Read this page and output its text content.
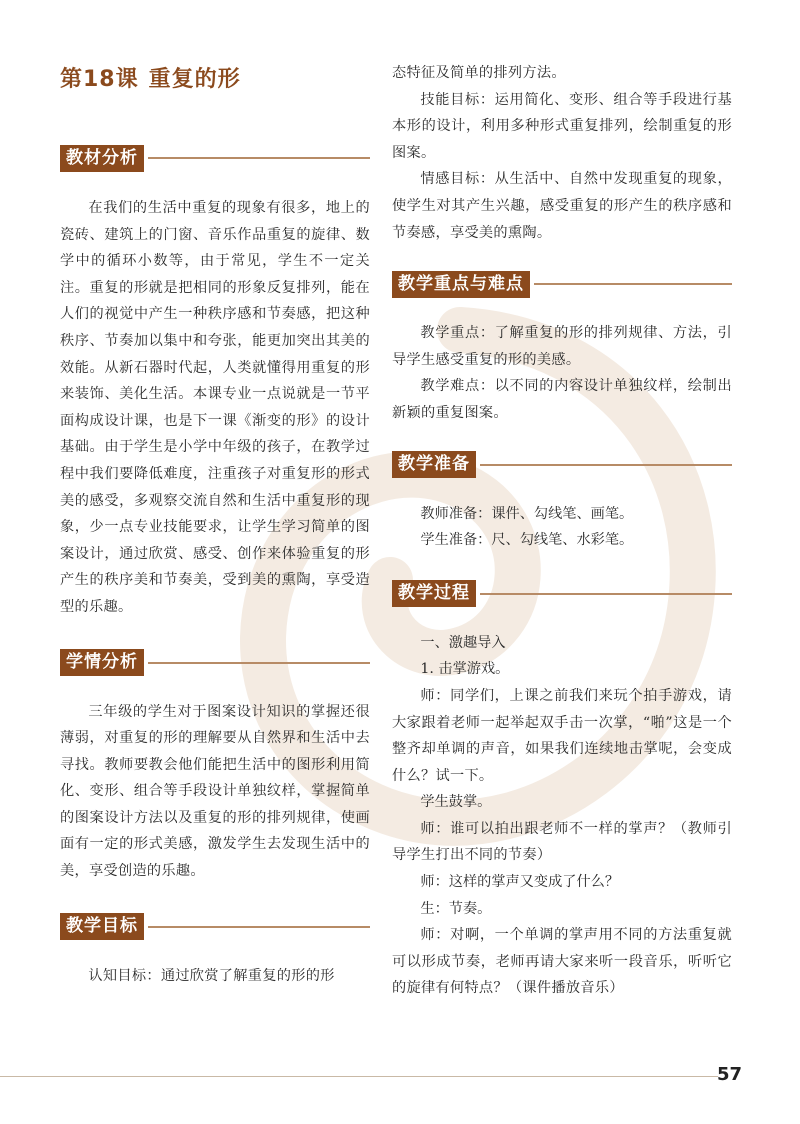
第18课 重复的形
教材分析

在我们的生活中重复的现象有很多，地上的瓷砖、建筑上的门窗、音乐作品重复的旋律、数学中的循环小数等，由于常见，学生不一定关注。重复的形就是把相同的形象反复排列，能在人们的视觉中产生一种秩序感和节奏感，把这种秩序、节奏加以集中和夸张，能更加突出其美的效能。从新石器时代起，人类就懂得用重复的形来装饰、美化生活。本课专业一点说就是一节平面构成设计课，也是下一课《渐变的形》的设计基础。由于学生是小学中年级的孩子，在教学过程中我们要降低难度，注重孩子对重复形的形式美的感受，多观察交流自然和生活中重复形的现象，少一点专业技能要求，让学生学习简单的图案设计，通过欣赏、感受、创作来体验重复的形产生的秩序美和节奏美，受到美的熏陶，享受造型的乐趣。

学情分析

三年级的学生对于图案设计知识的掌握还很薄弱，对重复的形的理解要从自然界和生活中去寻找。教师要教会他们能把生活中的图形利用简化、变形、组合等手段设计单独纹样，掌握简单的图案设计方法以及重复的形的排列规律，使画面有一定的形式美感，激发学生去发现生活中的美，享受创造的乐趣。

教学目标

认知目标：通过欣赏了解重复的形的形

态特征及简单的排列方法。

技能目标：运用简化、变形、组合等手段进行基本形的设计，利用多种形式重复排列，绘制重复的形图案。

情感目标：从生活中、自然中发现重复的现象，使学生对其产生兴趣，感受重复的形产生的秩序感和节奏感，享受美的熏陶。

教学重点与难点

教学重点：了解重复的形的排列规律、方法，引导学生感受重复的形的美感。

教学难点：以不同的内容设计单独纹样，绘制出新颖的重复图案。

教学准备

教师准备：课件、勾线笔、画笔。

学生准备：尺、勾线笔、水彩笔。

教学过程

一、激趣导入

1. 击掌游戏。

师：同学们，上课之前我们来玩个拍手游戏，请大家跟着老师一起举起双手击一次掌，“啪”这是一个整齐却单调的声音，如果我们连续地击掌呢，会变成什么？试一下。

学生鼓掌。

师：谁可以拍出跟老师不一样的掌声？（教师引导学生打出不同的节奏）

师：这样的掌声又变成了什么？

生：节奏。

师：对啊，一个单调的掌声用不同的方法重复就可以形成节奏，老师再请大家来听一段音乐，听听它的旋律有何特点？（课件播放音乐）

57
